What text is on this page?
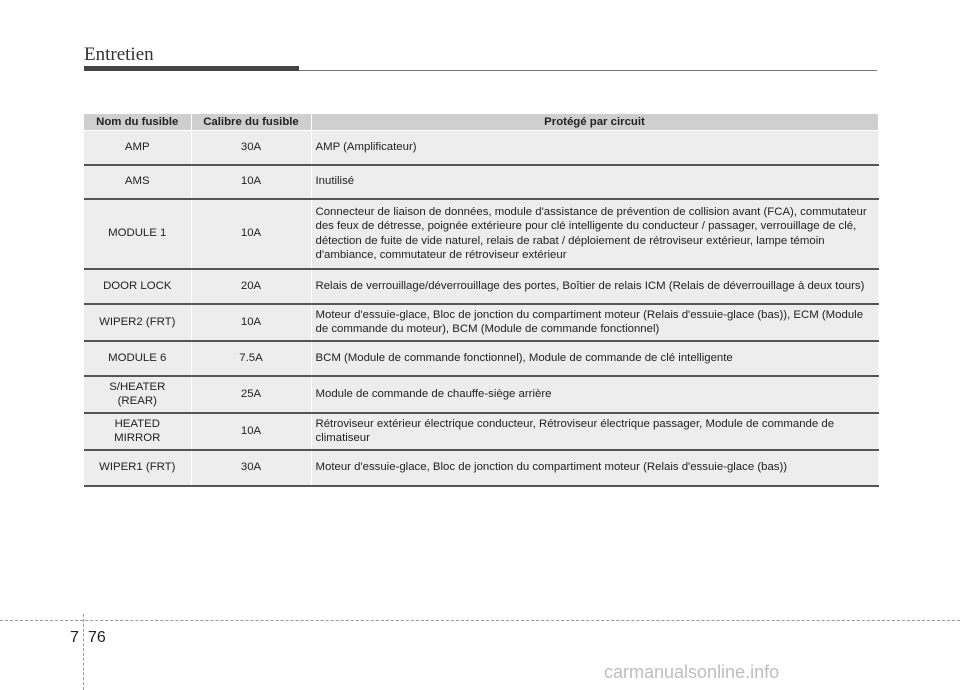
Entretien
Nom du fusible	Calibre du fusible	Protégé par circuit

AMP	30A	AMP (Amplificateur)

AMS	10A	Inutilisé

MODULE 1	10A	Connecteur de liaison de données, module d'assistance de prévention de collision avant (FCA), commutateur des feux de détresse, poignée extérieure pour clé intelligente du conducteur / passager, verrouillage de clé, détection de fuite de vide naturel, relais de rabat / déploiement de rétroviseur extérieur, lampe témoin d'ambiance, commutateur de rétroviseur extérieur

DOOR LOCK	20A	Relais de verrouillage/déverrouillage des portes, Boîtier de relais ICM (Relais de déverrouillage à deux tours)

WIPER2 (FRT)	10A	Moteur d'essuie-glace, Bloc de jonction du compartiment moteur (Relais d'essuie-glace (bas)), ECM (Module de commande du moteur), BCM (Module de commande fonctionnel)

MODULE 6	7.5A	BCM (Module de commande fonctionnel), Module de commande de clé intelligente

S/HEATER
(REAR)	25A	Module de commande de chauffe-siège arrière

HEATED
MIRROR	10A	Rétroviseur extérieur électrique conducteur, Rétroviseur électrique passager, Module de commande de climatiseur

WIPER1 (FRT)	30A	Moteur d'essuie-glace, Bloc de jonction du compartiment moteur (Relais d'essuie-glace (bas))
7 76
carmanualsonline.info
